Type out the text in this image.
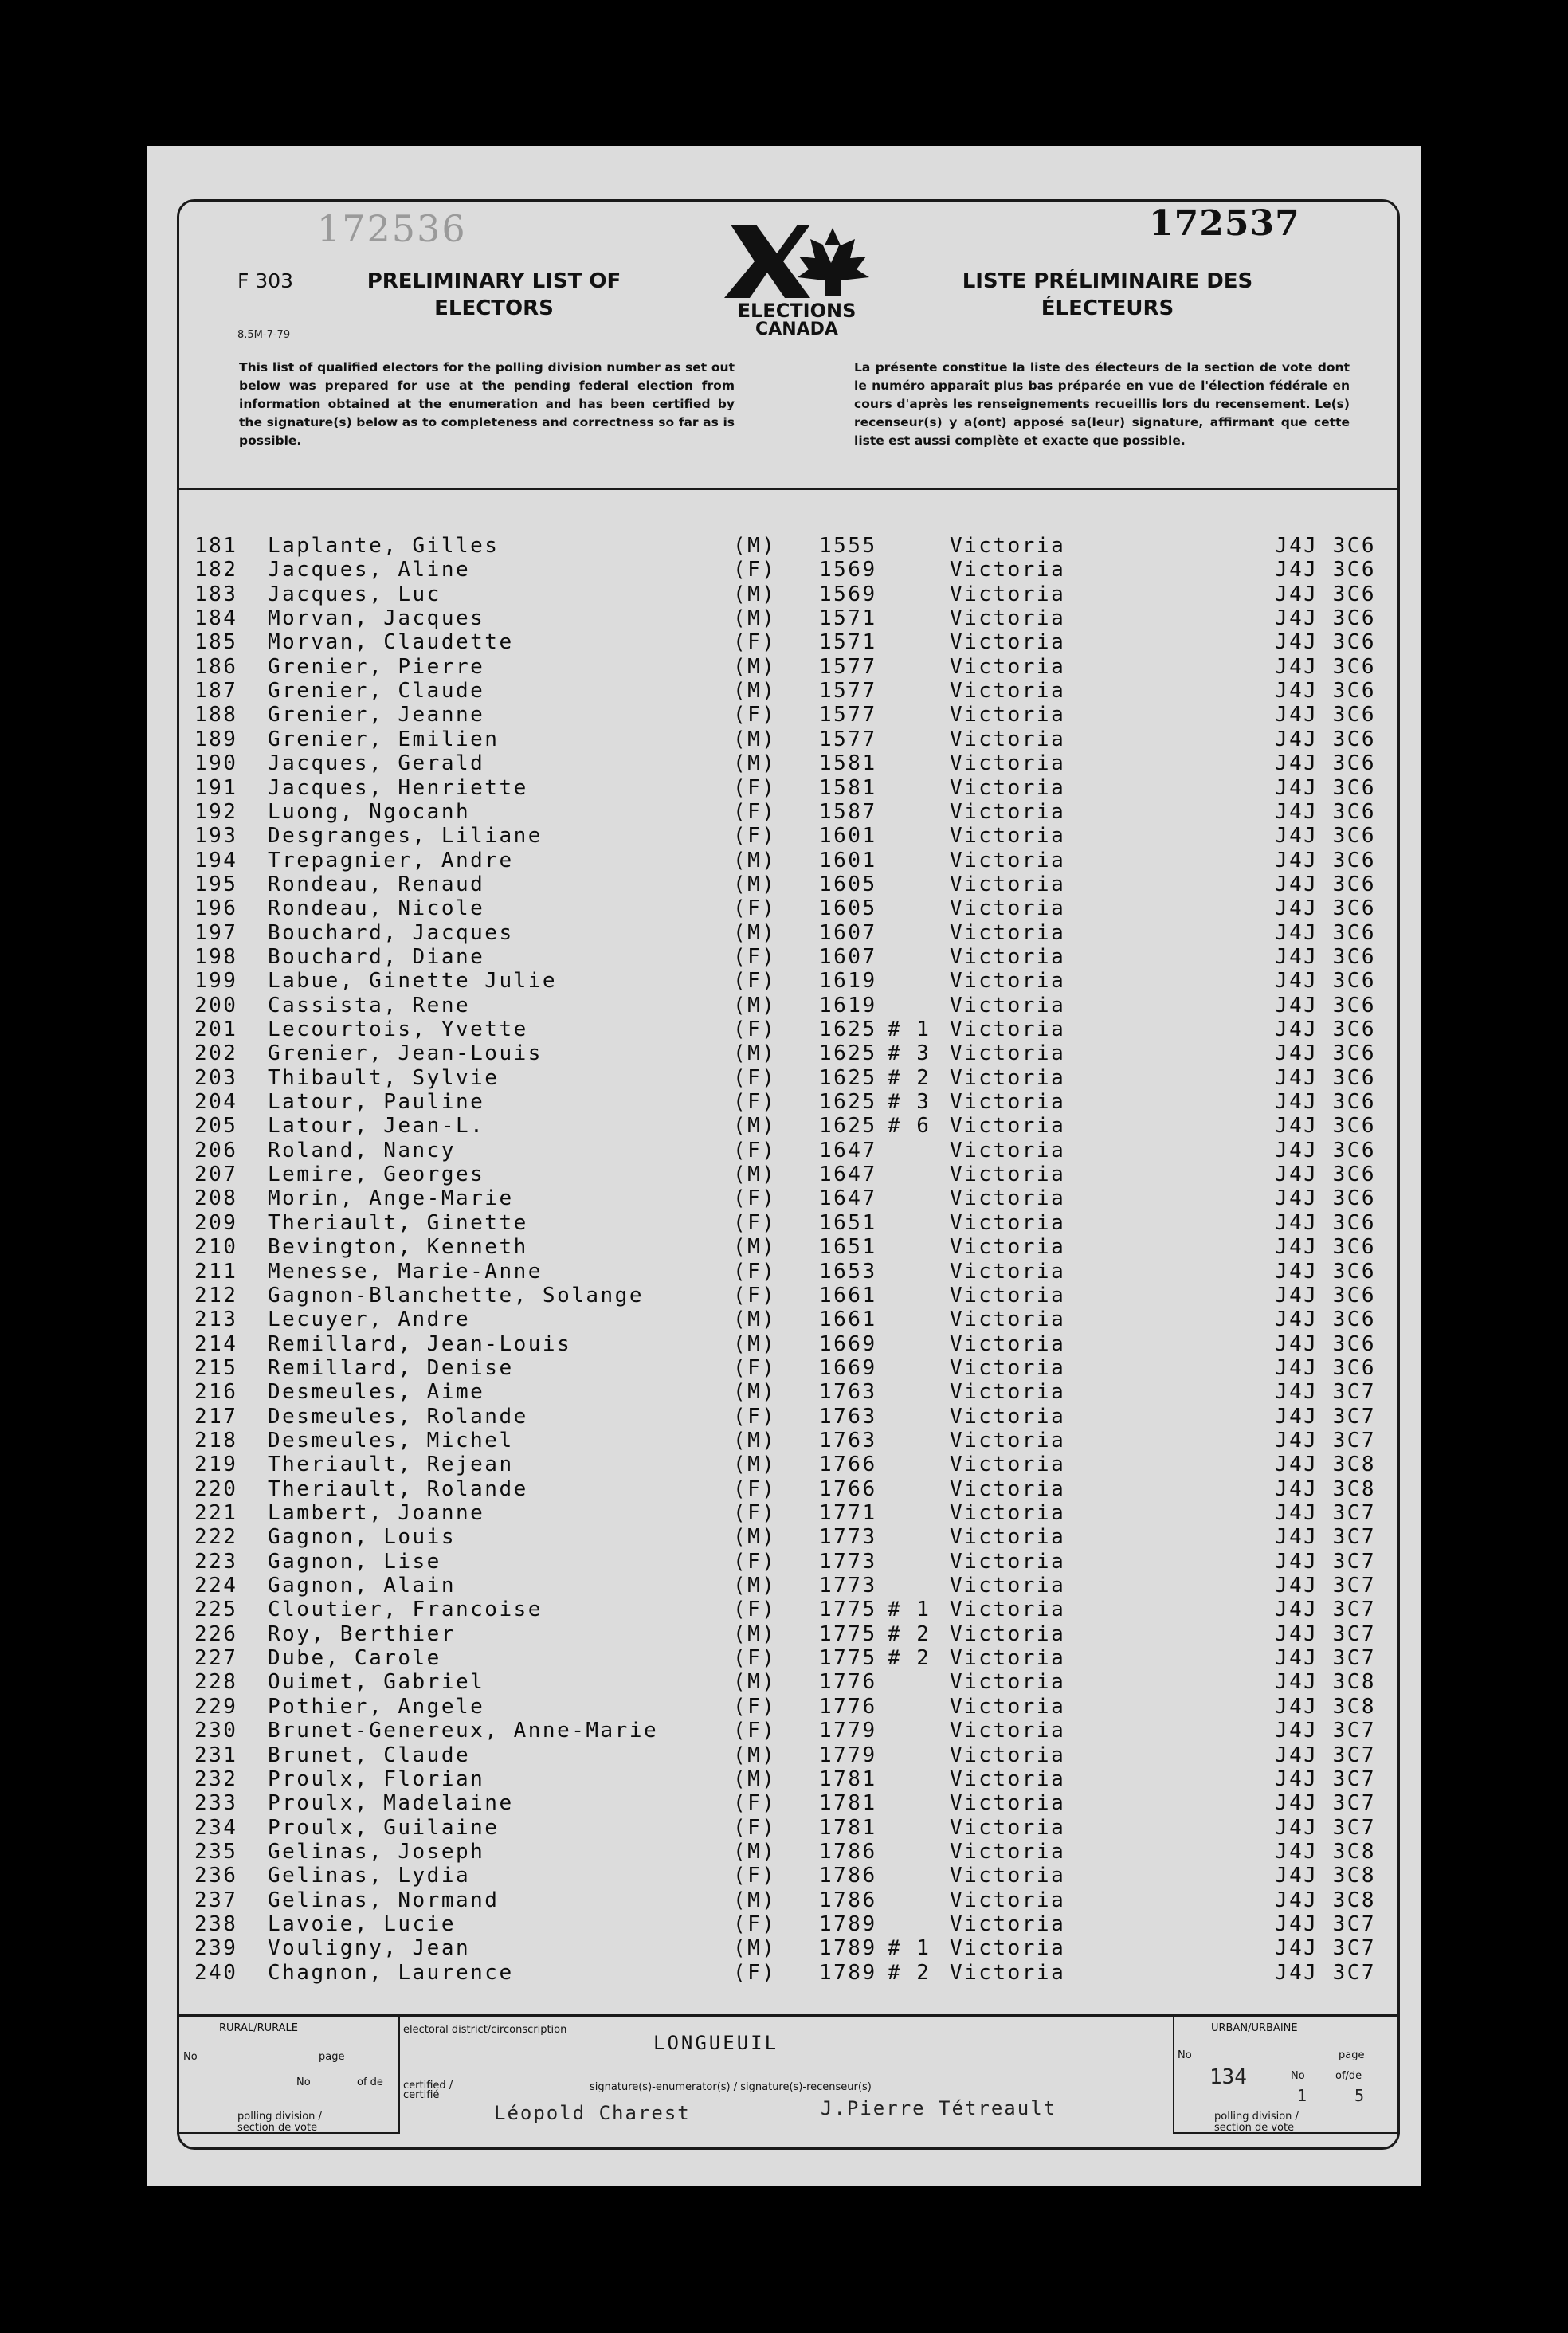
172536	172537
F 303
8.5M-7-79
PRELIMINARY LIST OF ELECTORS
LISTE PRÉLIMINAIRE DES ÉLECTEURS
ELECTIONS
CANADA
This list of qualified electors for the polling division number as set out below was prepared for use at the pending federal election from information obtained at the enumeration and has been certified by the signature(s) below as to completeness and correctness so far as is possible.
La présente constitue la liste des électeurs de la section de vote dont le numéro apparaît plus bas préparée en vue de l'élection fédérale en cours d'après les renseignements recueillis lors du recensement. Le(s) recenseur(s) y a(ont) apposé sa(leur) signature, affirmant que cette liste est aussi complète et exacte que possible.
181 Laplante, Gilles	(M) 1555	Victoria	J4J 3C6
182 Jacques, Aline	(F) 1569	Victoria	J4J 3C6
183 Jacques, Luc	(M) 1569	Victoria	J4J 3C6
184 Morvan, Jacques	(M) 1571	Victoria	J4J 3C6
185 Morvan, Claudette	(F) 1571	Victoria	J4J 3C6
186 Grenier, Pierre	(M) 1577	Victoria	J4J 3C6
187 Grenier, Claude	(M) 1577	Victoria	J4J 3C6
188 Grenier, Jeanne	(F) 1577	Victoria	J4J 3C6
189 Grenier, Emilien	(M) 1577	Victoria	J4J 3C6
190 Jacques, Gerald	(M) 1581	Victoria	J4J 3C6
191 Jacques, Henriette	(F) 1581	Victoria	J4J 3C6
192 Luong, Ngocanh	(F) 1587	Victoria	J4J 3C6
193 Desgranges, Liliane	(F) 1601	Victoria	J4J 3C6
194 Trepagnier, Andre	(M) 1601	Victoria	J4J 3C6
195 Rondeau, Renaud	(M) 1605	Victoria	J4J 3C6
196 Rondeau, Nicole	(F) 1605	Victoria	J4J 3C6
197 Bouchard, Jacques	(M) 1607	Victoria	J4J 3C6
198 Bouchard, Diane	(F) 1607	Victoria	J4J 3C6
199 Labue, Ginette Julie	(F) 1619	Victoria	J4J 3C6
200 Cassista, Rene	(M) 1619	Victoria	J4J 3C6
201 Lecourtois, Yvette	(F) 1625 # 1 Victoria	J4J 3C6
202 Grenier, Jean-Louis	(M) 1625 # 3 Victoria	J4J 3C6
203 Thibault, Sylvie	(F) 1625 # 2 Victoria	J4J 3C6
204 Latour, Pauline	(F) 1625 # 3 Victoria	J4J 3C6
205 Latour, Jean-L.	(M) 1625 # 6 Victoria	J4J 3C6
206 Roland, Nancy	(F) 1647	Victoria	J4J 3C6
207 Lemire, Georges	(M) 1647	Victoria	J4J 3C6
208 Morin, Ange-Marie	(F) 1647	Victoria	J4J 3C6
209 Theriault, Ginette	(F) 1651	Victoria	J4J 3C6
210 Bevington, Kenneth	(M) 1651	Victoria	J4J 3C6
211 Menesse, Marie-Anne	(F) 1653	Victoria	J4J 3C6
212 Gagnon-Blanchette, Solange	(F) 1661	Victoria	J4J 3C6
213 Lecuyer, Andre	(M) 1661	Victoria	J4J 3C6
214 Remillard, Jean-Louis	(M) 1669	Victoria	J4J 3C6
215 Remillard, Denise	(F) 1669	Victoria	J4J 3C6
216 Desmeules, Aime	(M) 1763	Victoria	J4J 3C7
217 Desmeules, Rolande	(F) 1763	Victoria	J4J 3C7
218 Desmeules, Michel	(M) 1763	Victoria	J4J 3C7
219 Theriault, Rejean	(M) 1766	Victoria	J4J 3C8
220 Theriault, Rolande	(F) 1766	Victoria	J4J 3C8
221 Lambert, Joanne	(F) 1771	Victoria	J4J 3C7
222 Gagnon, Louis	(M) 1773	Victoria	J4J 3C7
223 Gagnon, Lise	(F) 1773	Victoria	J4J 3C7
224 Gagnon, Alain	(M) 1773	Victoria	J4J 3C7
225 Cloutier, Francoise	(F) 1775 # 1 Victoria	J4J 3C7
226 Roy, Berthier	(M) 1775 # 2 Victoria	J4J 3C7
227 Dube, Carole	(F) 1775 # 2 Victoria	J4J 3C7
228 Ouimet, Gabriel	(M) 1776	Victoria	J4J 3C8
229 Pothier, Angele	(F) 1776	Victoria	J4J 3C8
230 Brunet-Genereux, Anne-Marie	(F) 1779	Victoria	J4J 3C7
231 Brunet, Claude	(M) 1779	Victoria	J4J 3C7
232 Proulx, Florian	(M) 1781	Victoria	J4J 3C7
233 Proulx, Madelaine	(F) 1781	Victoria	J4J 3C7
234 Proulx, Guilaine	(F) 1781	Victoria	J4J 3C7
235 Gelinas, Joseph	(M) 1786	Victoria	J4J 3C8
236 Gelinas, Lydia	(F) 1786	Victoria	J4J 3C8
237 Gelinas, Normand	(M) 1786	Victoria	J4J 3C8
238 Lavoie, Lucie	(F) 1789	Victoria	J4J 3C7
239 Vouligny, Jean	(M) 1789 # 1 Victoria	J4J 3C7
240 Chagnon, Laurence	(F) 1789 # 2 Victoria	J4J 3C7
RURAL/RURALE
No	page
No	of de
polling division / section de vote
electoral district/circonscription
LONGUEUIL
certified / certifié
signature(s)-enumerator(s) / signature(s)-recenseur(s)
Léopold Charest	J.Pierre Tétreault
URBAN/URBAINE
No	page
134	No	of/de
1	5
polling division / section de vote
